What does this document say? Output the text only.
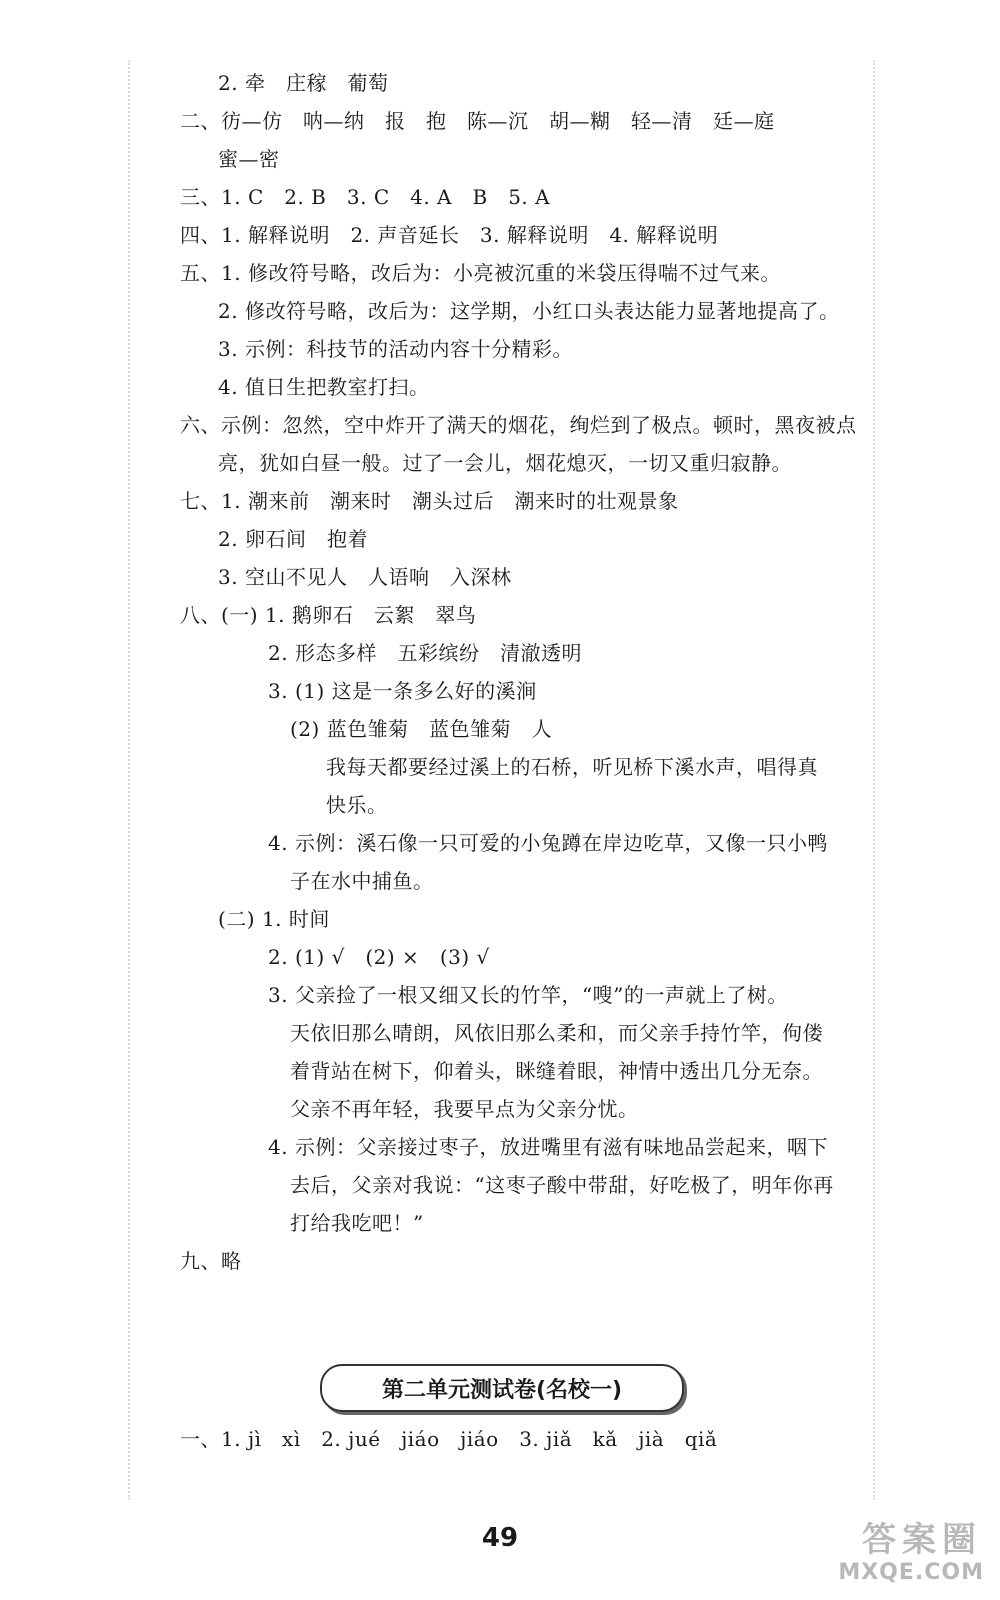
2. 牵　庄稼　葡萄
二、彷—仿　呐—纳　报　抱　陈—沉　胡—糊　轻—清　廷—庭
蜜—密
三、1. C　2. B　3. C　4. A　B　5. A
四、1. 解释说明　2. 声音延长　3. 解释说明　4. 解释说明
五、1. 修改符号略，改后为：小亮被沉重的米袋压得喘不过气来。
2. 修改符号略，改后为：这学期，小红口头表达能力显著地提高了。
3. 示例：科技节的活动内容十分精彩。
4. 值日生把教室打扫。
六、示例：忽然，空中炸开了满天的烟花，绚烂到了极点。顿时，黑夜被点
亮，犹如白昼一般。过了一会儿，烟花熄灭，一切又重归寂静。
七、1. 潮来前　潮来时　潮头过后　潮来时的壮观景象
2. 卵石间　抱着
3. 空山不见人　人语响　入深林
八、(一) 1. 鹅卵石　云絮　翠鸟
2. 形态多样　五彩缤纷　清澈透明
3. (1) 这是一条多么好的溪涧
(2) 蓝色雏菊　蓝色雏菊　人
我每天都要经过溪上的石桥，听见桥下溪水声，唱得真
快乐。
4. 示例：溪石像一只可爱的小兔蹲在岸边吃草，又像一只小鸭
子在水中捕鱼。
(二) 1. 时间
2. (1) √　(2) ×　(3) √
3. 父亲捡了一根又细又长的竹竿，“嗖”的一声就上了树。
天依旧那么晴朗，风依旧那么柔和，而父亲手持竹竿，佝偻
着背站在树下，仰着头，眯缝着眼，神情中透出几分无奈。
父亲不再年轻，我要早点为父亲分忧。
4. 示例：父亲接过枣子，放进嘴里有滋有味地品尝起来，咽下
去后，父亲对我说：“这枣子酸中带甜，好吃极了，明年你再
打给我吃吧！”
九、略
一、1. jì　xì　2. jué　jiáo　jiáo　3. jiǎ　kǎ　jià　qiǎ
第二单元测试卷(名校一)
49	答案圈
MXQE.COM
